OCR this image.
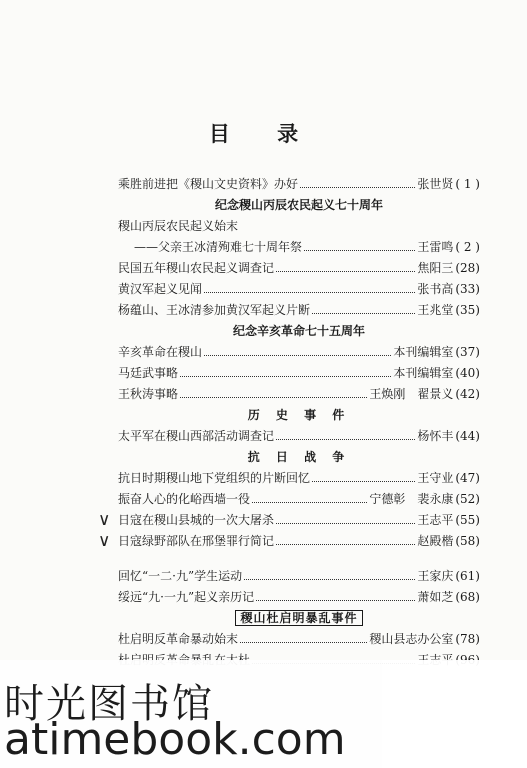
目 录
乘胜前进把《稷山文史资料》办好	张世贤 ( 1 )
纪念稷山丙辰农民起义七十周年
稷山丙辰农民起义始末
——父亲王冰清殉难七十周年祭	王雷鸣 ( 2 )
民国五年稷山农民起义调查记	焦阳三 (28)
黄汉军起义见闻	张书高 (33)
杨蕴山、王冰清参加黄汉军起义片断	王兆堂 (35)
纪念辛亥革命七十五周年
辛亥革命在稷山	本刊编辑室 (37)
马廷武事略	本刊编辑室 (40)
王秋涛事略	王焕刚　翟景义 (42)
历 史 事 件
太平军在稷山西部活动调查记	杨怀丰 (44)
抗 日 战 争
抗日时期稷山地下党组织的片断回忆	王守业 (47)
振奋人心的化峪西墙一役	宁德彰　裴永康 (52)
∨ 日寇在稷山县城的一次大屠杀	王志平 (55)
∨ 日寇绿野部队在邢堡罪行简记	赵殿楷 (58)
回忆“一二·九”学生运动	王家庆 (61)
绥远“九·一九”起义亲历记	萧如芝 (68)
稷山杜启明暴乱事件
杜启明反革命暴动始末	稷山县志办公室 (78)
时光图书馆
atimebook.com
